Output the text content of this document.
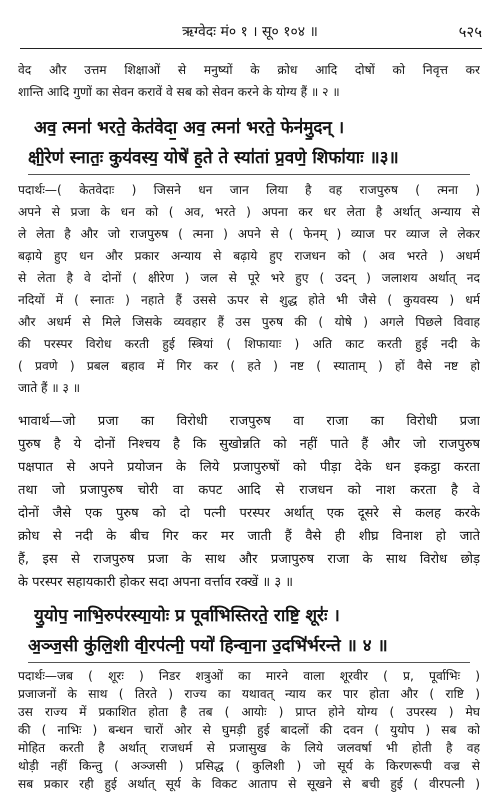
ऋग्वेदः मं० १ । सू० १०४ ॥	५२५
वेद और उत्तम शिक्षाओं से मनुष्यों के क्रोध आदि दोषों को निवृत्त कर
शान्ति आदि गुणों का सेवन करावें वे सब को सेवन करने के योग्य हैं ॥ २ ॥
अव॒ त्मना॑ भरते॒ केत॑वेदा॒ अव॒ त्मना॑ भरते॒ फेन॑मु॒दन् ।
क्षी॒रेण॑ स्नातः॒ कुय॑वस्य॒ योषे॑ ह॒ते ते स्या॑तां प्र॒वणे॒ शिफा॑याः ॥३॥
पदार्थः—( केतवेदाः ) जिसने धन जान लिया है वह राजपुरुष ( त्मना )
अपने से प्रजा के धन को ( अव, भरते ) अपना कर धर लेता है अर्थात् अन्याय से
ले लेता है और जो राजपुरुष ( त्मना ) अपने से ( फेनम् ) व्याज पर व्याज ले लेकर
बढ़ाये हुए धन और प्रकार अन्याय से बढ़ाये हुए राजधन को ( अव भरते ) अधर्म
से लेता है वे दोनों ( क्षीरेण ) जल से पूरे भरे हुए ( उदन् ) जलाशय अर्थात् नद
नदियों में ( स्नातः ) नहाते हैं उससे ऊपर से शुद्ध होते भी जैसे ( कुयवस्य ) धर्म
और अधर्म से मिले जिसके व्यवहार हैं उस पुरुष की ( योषे ) अगले पिछले विवाह
की परस्पर विरोध करती हुई स्त्रियां ( शिफायाः ) अति काट करती हुई नदी के
( प्रवणे ) प्रबल बहाव में गिर कर ( हते ) नष्ट ( स्याताम् ) हों वैसे नष्ट हो
जाते हैं ॥ ३ ॥
भावार्थ—जो प्रजा का विरोधी राजपुरुष वा राजा का विरोधी प्रजा
पुरुष है ये दोनों निश्चय है कि सुखोन्नति को नहीं पाते हैं और जो राजपुरुष
पक्षपात से अपने प्रयोजन के लिये प्रजापुरुषों को पीड़ा देके धन इकट्ठा करता
तथा जो प्रजापुरुष चोरी वा कपट आदि से राजधन को नाश करता है वे
दोनों जैसे एक पुरुष को दो पत्नी परस्पर अर्थात् एक दूसरे से कलह करके
क्रोध से नदी के बीच गिर कर मर जाती हैं वैसे ही शीघ्र विनाश हो जाते
हैं, इस से राजपुरुष प्रजा के साथ और प्रजापुरुष राजा के साथ विरोध छोड़
के परस्पर सहायकारी होकर सदा अपना वर्त्ताव रक्खें ॥ ३ ॥
यु॒योप॒ नाभि॒रुप॑रस्या॒योः प्र पूर्वा॑भिस्तिरते॒ राष्टि॒ शूरः॑ ।
अ॒ञ्ज॒सी कु॑लि॒शी वी॒रप॑त्नी॒ पयो॑ हिन्वा॒ना उ॒दभि॑र्भरन्ते ॥ ४ ॥
पदार्थः—जब ( शूरः ) निडर शत्रुओं का मारने वाला शूरवीर ( प्र, पूर्वाभिः )
प्रजाजनों के साथ ( तिरते ) राज्य का यथावत् न्याय कर पार होता और ( राष्टि )
उस राज्य में प्रकाशित होता है तब ( आयोः ) प्राप्त होने योग्य ( उपरस्य ) मेघ
की ( नाभिः ) बन्धन चारों ओर से घुमड़ी हुई बादलों की दवन ( युयोप ) सब को
मोहित करती है अर्थात् राजधर्म से प्रजासुख के लिये जलवर्षा भी होती है वह
थोड़ी नहीं किन्तु ( अञ्जसी ) प्रसिद्ध ( कुलिशी ) जो सूर्य के किरणरूपी वज्र से
सब प्रकार रही हुई अर्थात् सूर्य के विकट आताप से सूखने से बची हुई ( वीरपत्नी )
